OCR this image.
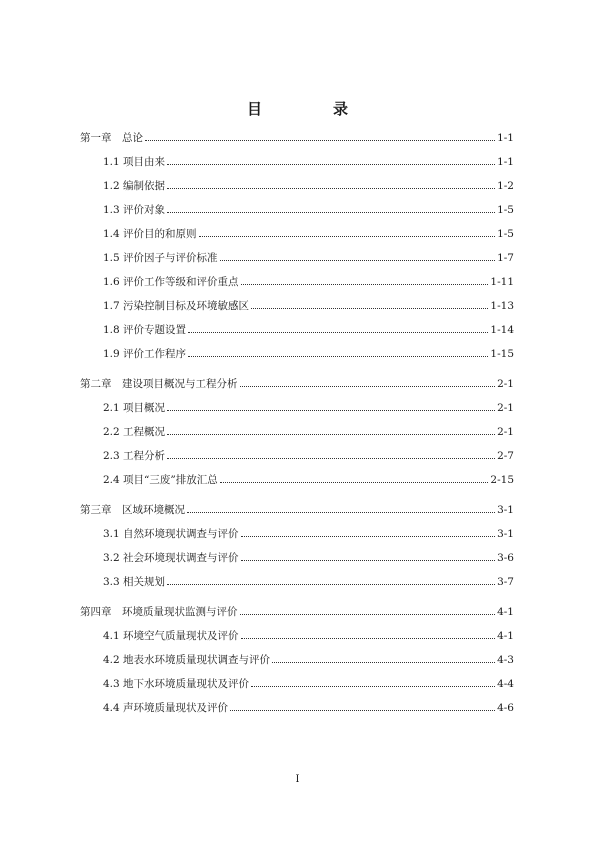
目　录
第一章　总论	1-1
1.1 项目由来	1-1
1.2 编制依据	1-2
1.3 评价对象	1-5
1.4 评价目的和原则	1-5
1.5 评价因子与评价标准	1-7
1.6 评价工作等级和评价重点	1-11
1.7 污染控制目标及环境敏感区	1-13
1.8 评价专题设置	1-14
1.9 评价工作程序	1-15
第二章　建设项目概况与工程分析	2-1
2.1 项目概况	2-1
2.2 工程概况	2-1
2.3 工程分析	2-7
2.4 项目“三废”排放汇总	2-15
第三章　区域环境概况	3-1
3.1 自然环境现状调查与评价	3-1
3.2 社会环境现状调查与评价	3-6
3.3 相关规划	3-7
第四章　环境质量现状监测与评价	4-1
4.1 环境空气质量现状及评价	4-1
4.2 地表水环境质量现状调查与评价	4-3
4.3 地下水环境质量现状及评价	4-4
4.4 声环境质量现状及评价	4-6
I
